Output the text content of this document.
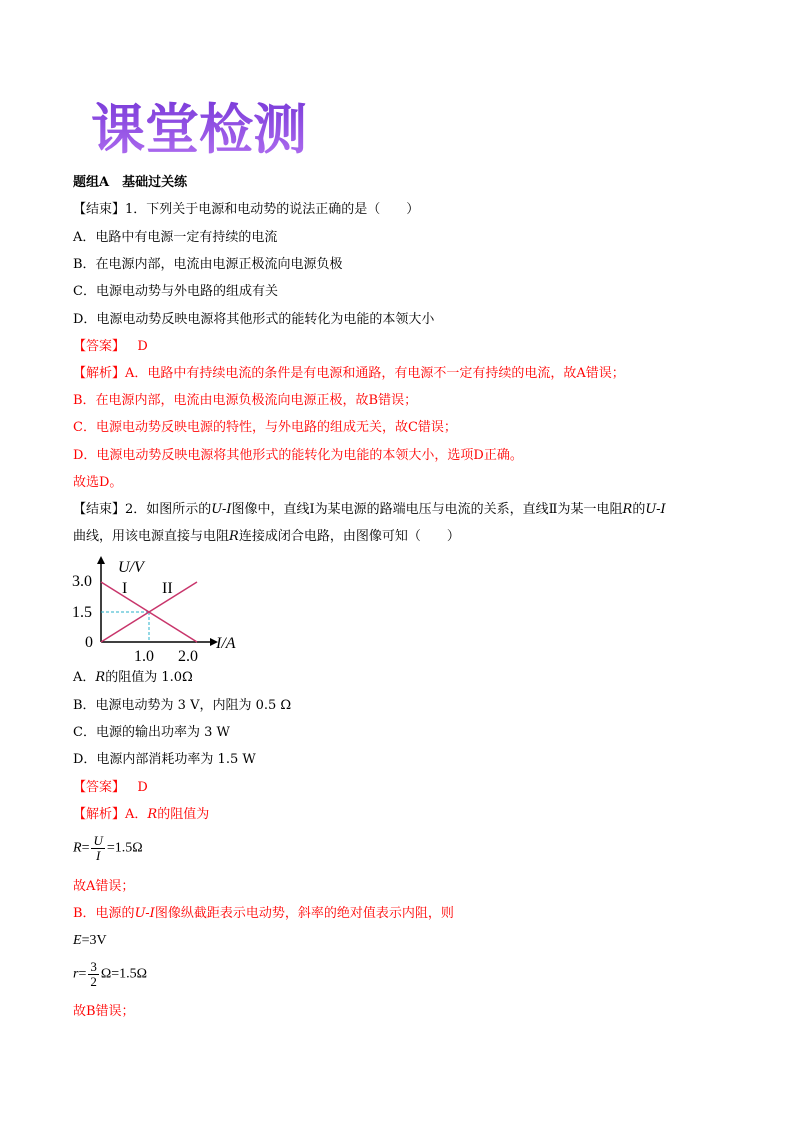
课堂检测
题组A　基础过关练
【结束】1．下列关于电源和电动势的说法正确的是（　　）
A．电路中有电源一定有持续的电流
B．在电源内部，电流由电源正极流向电源负极
C．电源电动势与外电路的组成有关
D．电源电动势反映电源将其他形式的能转化为电能的本领大小
【答案】 D
【解析】A．电路中有持续电流的条件是有电源和通路，有电源不一定有持续的电流，故A错误；
B．在电源内部，电流由电源负极流向电源正极，故B错误；
C．电源电动势反映电源的特性，与外电路的组成无关，故C错误；
D．电源电动势反映电源将其他形式的能转化为电能的本领大小，选项D正确。
故选D。
【结束】2．如图所示的U-I图像中，直线Ⅰ为某电源的路端电压与电流的关系，直线Ⅱ为某一电阻R的U-I
曲线，用该电源直接与电阻R连接成闭合电路，由图像可知（　　）
U/V
I/A
3.0
1.5
0
1.0 2.0
I II
A．R的阻值为 1.0Ω
B．电源电动势为 3 V，内阻为 0.5 Ω
C．电源的输出功率为 3 W
D．电源内部消耗功率为 1.5 W
【答案】 D
【解析】A．R的阻值为
$R= \frac{U}{I} =1.5\Omega$
故A错误；
B．电源的U-I图像纵截距表示电动势，斜率的绝对值表示内阻，则
E=3V
$r= \frac{3}{2} \Omega=1.5\Omega$
故B错误；
